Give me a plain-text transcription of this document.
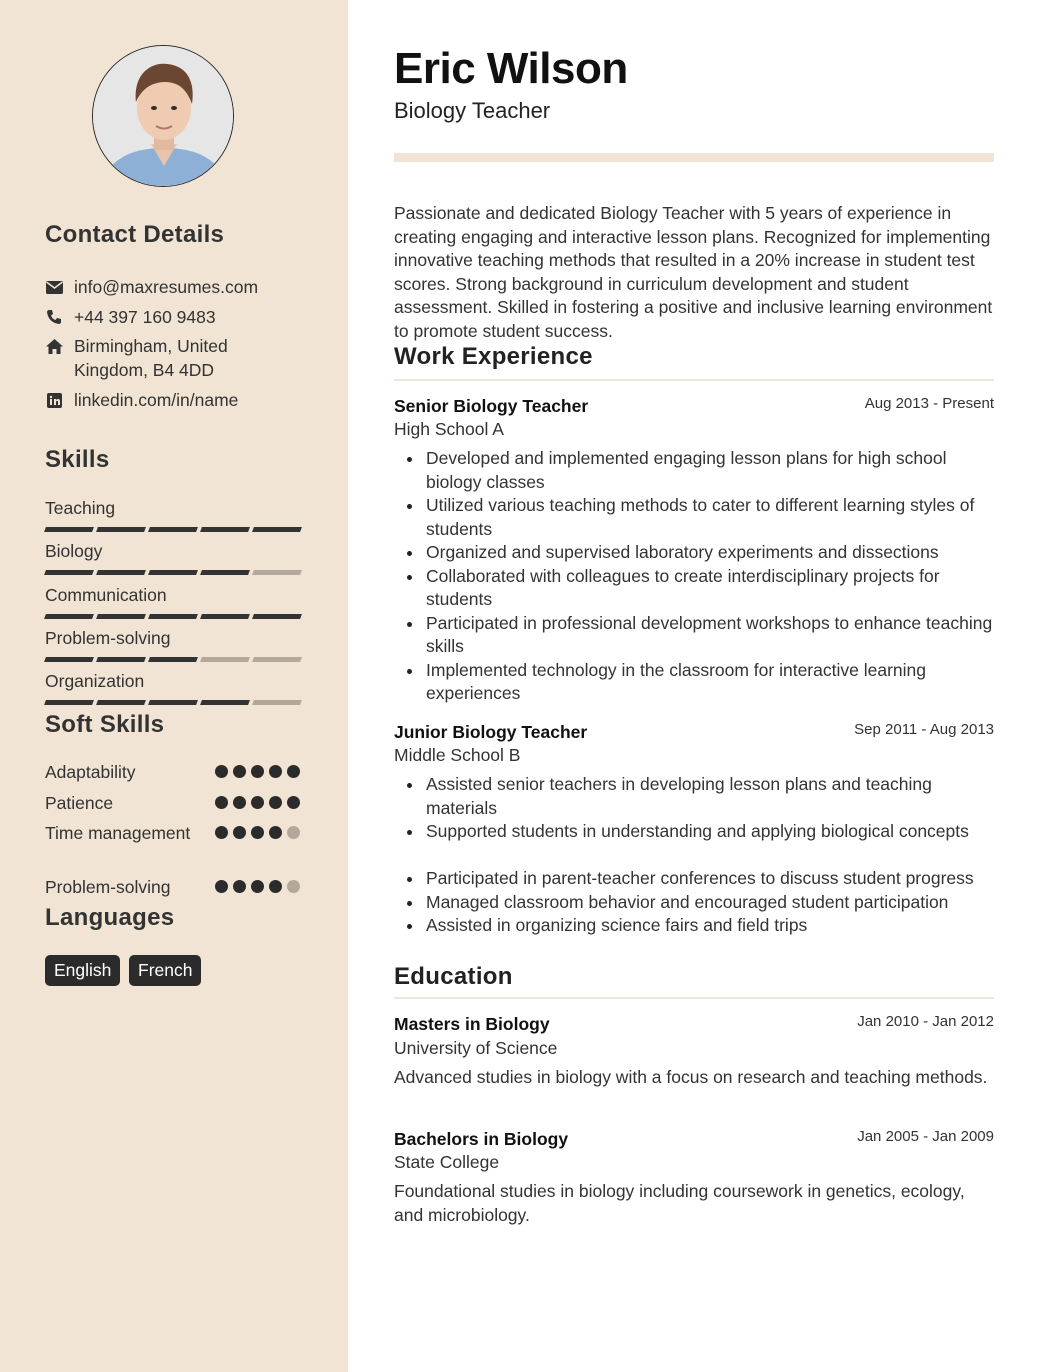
Contact Details
info@maxresumes.com
+44 397 160 9483
Birmingham, United
Kingdom, B4 4DD
linkedin.com/in/name
Skills
Teaching
Biology
Communication
Problem-solving
Organization
Soft Skills
Adaptability
Patience
Time management
Problem-solving
Languages
English	French
Eric Wilson
Biology Teacher
Passionate and dedicated Biology Teacher with 5 years of experience in creating engaging and interactive lesson plans. Recognized for implementing innovative teaching methods that resulted in a 20% increase in student test scores. Strong background in curriculum development and student assessment. Skilled in fostering a positive and inclusive learning environment to promote student success.
Work Experience
Senior Biology Teacher	Aug 2013 - Present
High School A
Developed and implemented engaging lesson plans for high school biology classes
Utilized various teaching methods to cater to different learning styles of students
Organized and supervised laboratory experiments and dissections
Collaborated with colleagues to create interdisciplinary projects for students
Participated in professional development workshops to enhance teaching skills
Implemented technology in the classroom for interactive learning experiences
Junior Biology Teacher	Sep 2011 - Aug 2013
Middle School B
Assisted senior teachers in developing lesson plans and teaching materials
Supported students in understanding and applying biological concepts
Participated in parent-teacher conferences to discuss student progress
Managed classroom behavior and encouraged student participation
Assisted in organizing science fairs and field trips
Education
Masters in Biology	Jan 2010 - Jan 2012
University of Science
Advanced studies in biology with a focus on research and teaching methods.
Bachelors in Biology	Jan 2005 - Jan 2009
State College
Foundational studies in biology including coursework in genetics, ecology, and microbiology.
